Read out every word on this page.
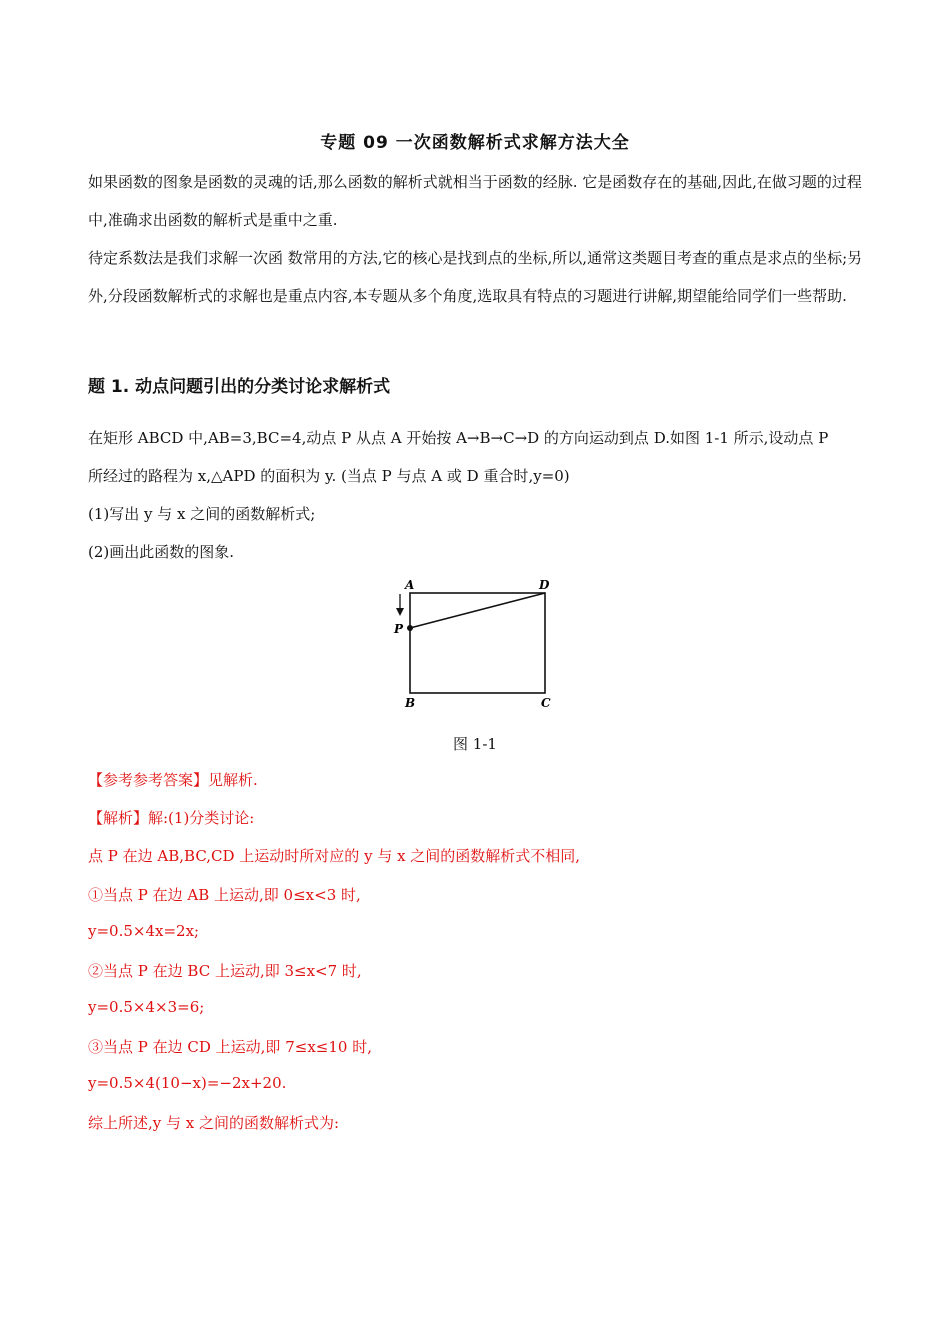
专题 09 一次函数解析式求解方法大全

如果函数的图象是函数的灵魂的话,那么函数的解析式就相当于函数的经脉. 它是函数存在的基础,因此,在做习题的过程中,准确求出函数的解析式是重中之重.

待定系数法是我们求解一次函 数常用的方法,它的核心是找到点的坐标,所以,通常这类题目考查的重点是求点的坐标;另外,分段函数解析式的求解也是重点内容,本专题从多个角度,选取具有特点的习题进行讲解,期望能给同学们一些帮助.

题 1. 动点问题引出的分类讨论求解析式
在矩形 ABCD 中,AB=3,BC=4,动点 P 从点 A 开始按 A→B→C→D 的方向运动到点 D.如图 1-1 所示,设动点 P
所经过的路程为 x,△APD 的面积为 y. (当点 P 与点 A 或 D 重合时,y=0)
(1)写出 y 与 x 之间的函数解析式;
(2)画出此函数的图象.
A	D
B	C
P
图 1-1
【参考参考答案】见解析.
【解析】解:(1)分类讨论:
点 P 在边 AB,BC,CD 上运动时所对应的 y 与 x 之间的函数解析式不相同,
①当点 P 在边 AB 上运动,即 0≤x<3 时,
y=0.5×4x=2x;
②当点 P 在边 BC 上运动,即 3≤x<7 时,
y=0.5×4×3=6;
③当点 P 在边 CD 上运动,即 7≤x≤10 时,
y=0.5×4(10−x)=−2x+20.
综上所述,y 与 x 之间的函数解析式为:
